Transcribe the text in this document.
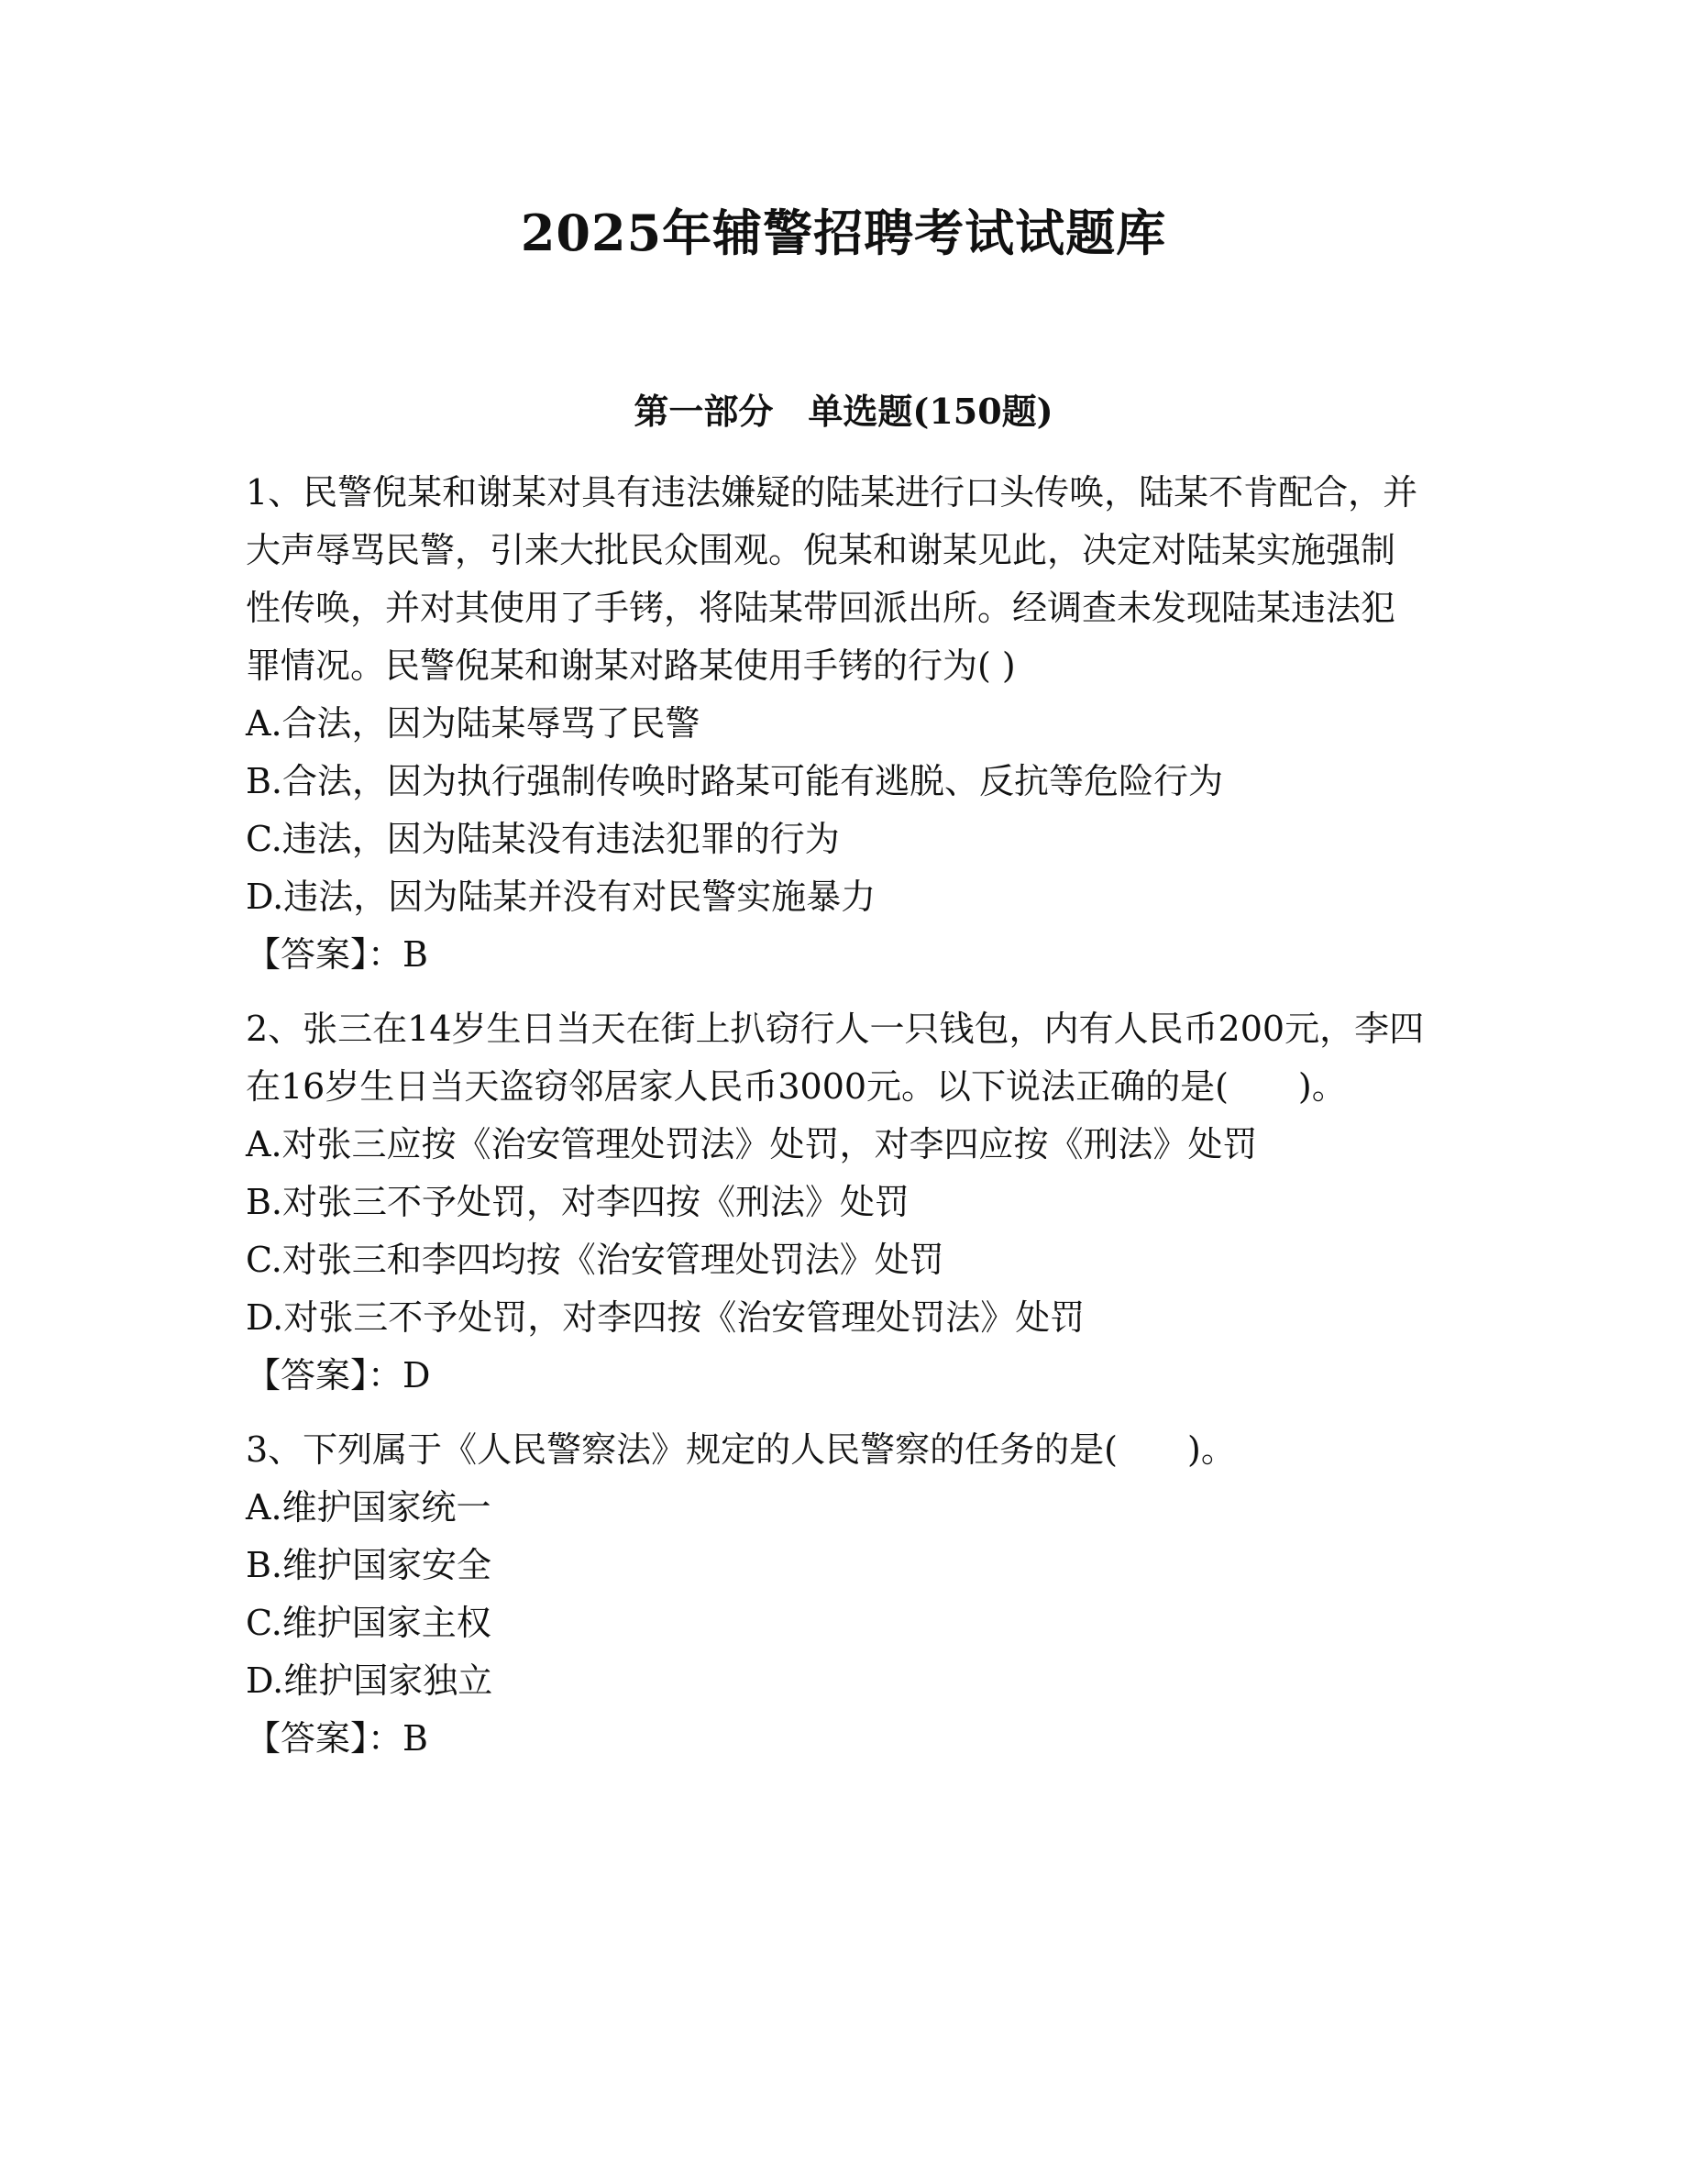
2025年辅警招聘考试试题库
第一部分　单选题(150题)

1、民警倪某和谢某对具有违法嫌疑的陆某进行口头传唤，陆某不肯配合，并大声辱骂民警，引来大批民众围观。倪某和谢某见此，决定对陆某实施强制性传唤，并对其使用了手铐，将陆某带回派出所。经调查未发现陆某违法犯罪情况。民警倪某和谢某对路某使用手铐的行为( )

A.合法，因为陆某辱骂了民警

B.合法，因为执行强制传唤时路某可能有逃脱、反抗等危险行为

C.违法，因为陆某没有违法犯罪的行为

D.违法，因为陆某并没有对民警实施暴力

【答案】：B

2、张三在14岁生日当天在街上扒窃行人一只钱包，内有人民币200元，李四在16岁生日当天盗窃邻居家人民币3000元。以下说法正确的是(　　)。

A.对张三应按《治安管理处罚法》处罚，对李四应按《刑法》处罚

B.对张三不予处罚，对李四按《刑法》处罚

C.对张三和李四均按《治安管理处罚法》处罚

D.对张三不予处罚，对李四按《治安管理处罚法》处罚

【答案】：D

3、下列属于《人民警察法》规定的人民警察的任务的是(　　)。

A.维护国家统一

B.维护国家安全

C.维护国家主权

D.维护国家独立

【答案】：B
